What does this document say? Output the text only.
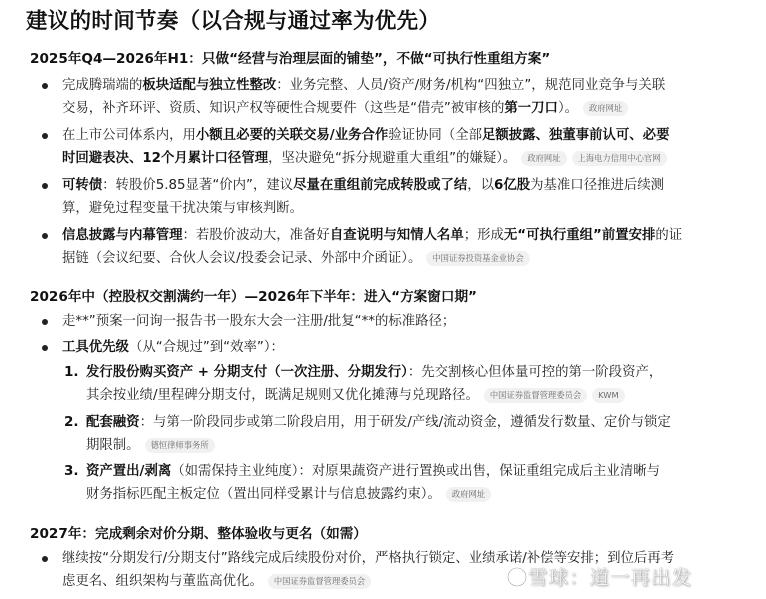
建议的时间节奏（以合规与通过率为优先）
2025年Q4—2026年H1：只做“经营与治理层面的铺垫”，不做“可执行性重组方案”
完成腾瑞端的板块适配与独立性整改：业务完整、人员/资产/财务/机构“四独立”，规范同业竞争与关联
交易，补齐环评、资质、知识产权等硬性合规要件（这些是“借壳”被审核的第一刀口）。 政府网址
在上市公司体系内，用小额且必要的关联交易/业务合作验证协同（全部足额披露、独董事前认可、必要
时回避表决、12个月累计口径管理，坚决避免“拆分规避重大重组”的嫌疑）。 政府网址 上海电力信用中心官网
可转债：转股价5.85显著“价内”，建议尽量在重组前完成转股或了结，以6亿股为基准口径推进后续测
算，避免过程变量干扰决策与审核判断。
信息披露与内幕管理：若股价波动大，准备好自查说明与知情人名单；形成无“可执行重组”前置安排的证
据链（会议纪要、合伙人会议/投委会记录、外部中介函证）。 中国证券投资基金业协会
2026年中（控股权交割满约一年）—2026年下半年：进入“方案窗口期”
走**”预案一问询一报告书一股东大会一注册/批复“**的标准路径；
工具优先级（从“合规过”到“效率”）：
1. 发行股份购买资产 + 分期支付（一次注册、分期发行）：先交割核心但体量可控的第一阶段资产，
其余按业绩/里程碑分期支付，既满足规则又优化摊薄与兑现路径。 中国证券监督管理委员会 KWM
2. 配套融资：与第一阶段同步或第二阶段启用，用于研发/产线/流动资金，遵循发行数量、定价与锁定
期限制。 德恒律师事务所
3. 资产置出/剥离（如需保持主业纯度）：对原果蔬资产进行置换或出售，保证重组完成后主业清晰与
财务指标匹配主板定位（置出同样受累计与信息披露约束）。 政府网址
2027年：完成剩余对价分期、整体验收与更名（如需）
继续按“分期发行/分期支付”路线完成后续股份对价，严格执行锁定、业绩承诺/补偿等安排；到位后再考
虑更名、组织架构与董监高优化。 中国证券监督管理委员会	雪球：道一再出发
